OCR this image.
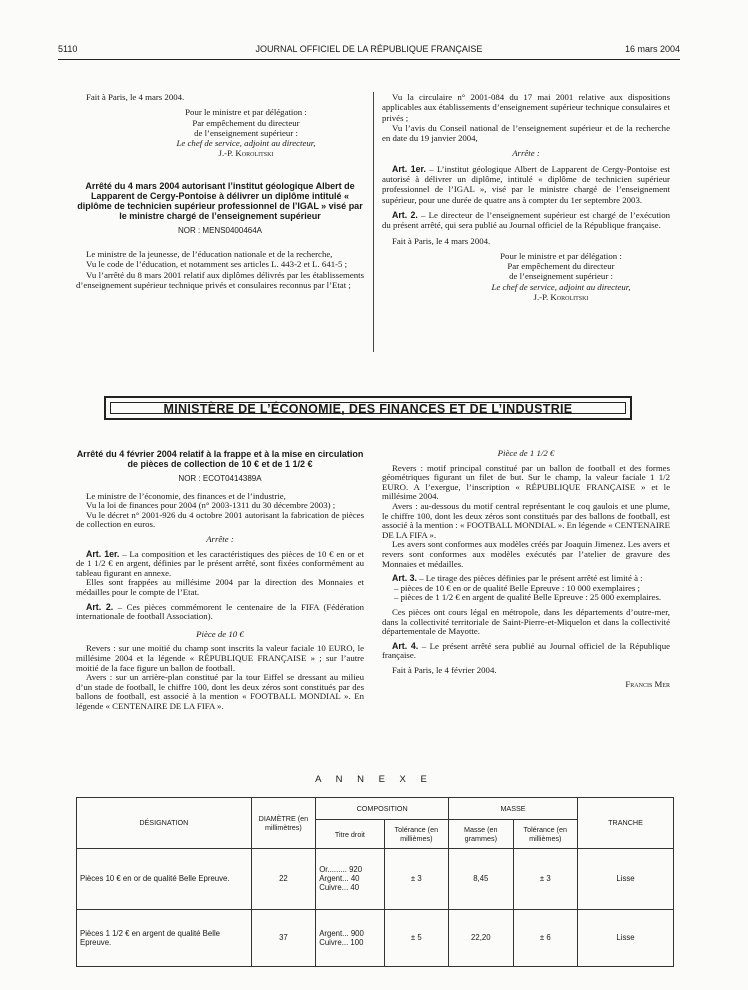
5110	JOURNAL OFFICIEL DE LA RÉPUBLIQUE FRANÇAISE	16 mars 2004

Fait à Paris, le 4 mars 2004.

Pour le ministre et par délégation :

Par empêchement du directeur

de l’enseignement supérieur :

Le chef de service, adjoint au directeur,

J.-P. Korolitski

Arrêté du 4 mars 2004 autorisant l’institut géologique Albert de Lapparent de Cergy-Pontoise à délivrer un diplôme intitulé « diplôme de technicien supérieur professionnel de l’IGAL » visé par le ministre chargé de l’enseignement supérieur
NOR : MENS0400464A

Le ministre de la jeunesse, de l’éducation nationale et de la recherche,

Vu le code de l’éducation, et notamment ses articles L. 443-2 et L. 641-5 ;

Vu l’arrêté du 8 mars 2001 relatif aux diplômes délivrés par les établissements d’enseignement supérieur technique privés et consulaires reconnus par l’Etat ;

Vu la circulaire n° 2001-084 du 17 mai 2001 relative aux dispositions applicables aux établissements d’enseignement supérieur technique consulaires et privés ;

Vu l’avis du Conseil national de l’enseignement supérieur et de la recherche en date du 19 janvier 2004,

Arrête :

Art. 1er. – L’institut géologique Albert de Lapparent de Cergy-Pontoise est autorisé à délivrer un diplôme, intitulé « diplôme de technicien supérieur professionnel de l’IGAL », visé par le ministre chargé de l’enseignement supérieur, pour une durée de quatre ans à compter du 1er septembre 2003.

Art. 2. – Le directeur de l’enseignement supérieur est chargé de l’exécution du présent arrêté, qui sera publié au Journal officiel de la République française.

Fait à Paris, le 4 mars 2004.

Pour le ministre et par délégation :

Par empêchement du directeur

de l’enseignement supérieur :

Le chef de service, adjoint au directeur,

J.-P. Korolitski

MINISTÈRE DE L’ÉCONOMIE, DES FINANCES ET DE L’INDUSTRIE
Arrêté du 4 février 2004 relatif à la frappe et à la mise en circulation de pièces de collection de 10 € et de 1 1/2 €
NOR : ECOT0414389A

Le ministre de l’économie, des finances et de l’industrie,

Vu la loi de finances pour 2004 (n° 2003-1311 du 30 décembre 2003) ;

Vu le décret n° 2001-926 du 4 octobre 2001 autorisant la fabrication de pièces de collection en euros.

Arrête :

Art. 1er. – La composition et les caractéristiques des pièces de 10 € en or et de 1 1/2 € en argent, définies par le présent arrêté, sont fixées conformément au tableau figurant en annexe.

Elles sont frappées au millésime 2004 par la direction des Monnaies et médailles pour le compte de l’Etat.

Art. 2. – Ces pièces commémorent le centenaire de la FIFA (Fédération internationale de football Association).

Pièce de 10 €

Revers : sur une moitié du champ sont inscrits la valeur faciale 10 EURO, le millésime 2004 et la légende « RÉPUBLIQUE FRANÇAISE » ; sur l’autre moitié de la face figure un ballon de football.

Avers : sur un arrière-plan constitué par la tour Eiffel se dressant au milieu d’un stade de football, le chiffre 100, dont les deux zéros sont constitués par des ballons de football, est associé à la mention « FOOTBALL MONDIAL ». En légende « CENTENAIRE DE LA FIFA ».

Pièce de 1 1/2 €

Revers : motif principal constitué par un ballon de football et des formes géométriques figurant un filet de but. Sur le champ, la valeur faciale 1 1/2 EURO. A l’exergue, l’inscription « RÉPUBLIQUE FRANÇAISE » et le millésime 2004.

Avers : au-dessous du motif central représentant le coq gaulois et une plume, le chiffre 100, dont les deux zéros sont constitués par des ballons de football, est associé à la mention : « FOOTBALL MONDIAL ». En légende « CENTENAIRE DE LA FIFA ».

Les avers sont conformes aux modèles créés par Joaquin Jimenez. Les avers et revers sont conformes aux modèles exécutés par l’atelier de gravure des Monnaies et médailles.

Art. 3. – Le tirage des pièces définies par le présent arrêté est limité à :

– pièces de 10 € en or de qualité Belle Epreuve : 10 000 exemplaires ;
– pièces de 1 1/2 € en argent de qualité Belle Epreuve : 25 000 exemplaires.

Ces pièces ont cours légal en métropole, dans les départements d’outre-mer, dans la collectivité territoriale de Saint-Pierre-et-Miquelon et dans la collectivité départementale de Mayotte.

Art. 4. – Le présent arrêté sera publié au Journal officiel de la République française.

Fait à Paris, le 4 février 2004.

Francis Mer

A N N E X E
DÉSIGNATION	DIAMÈTRE (en millimètres)	COMPOSITION		MASSE		TRANCHE
		Titre droit	Tolérance (en millièmes)	Masse (en grammes)	Tolérance (en millièmes)	
Pièces 10 € en or de qualité Belle Epreuve.	22	Or......... 920
Argent... 40
Cuivre... 40	± 3	8,45	± 3	Lisse
Pièces 1 1/2 € en argent de qualité Belle Epreuve.	37	Argent... 900
Cuivre... 100	± 5	22,20	± 6	Lisse
